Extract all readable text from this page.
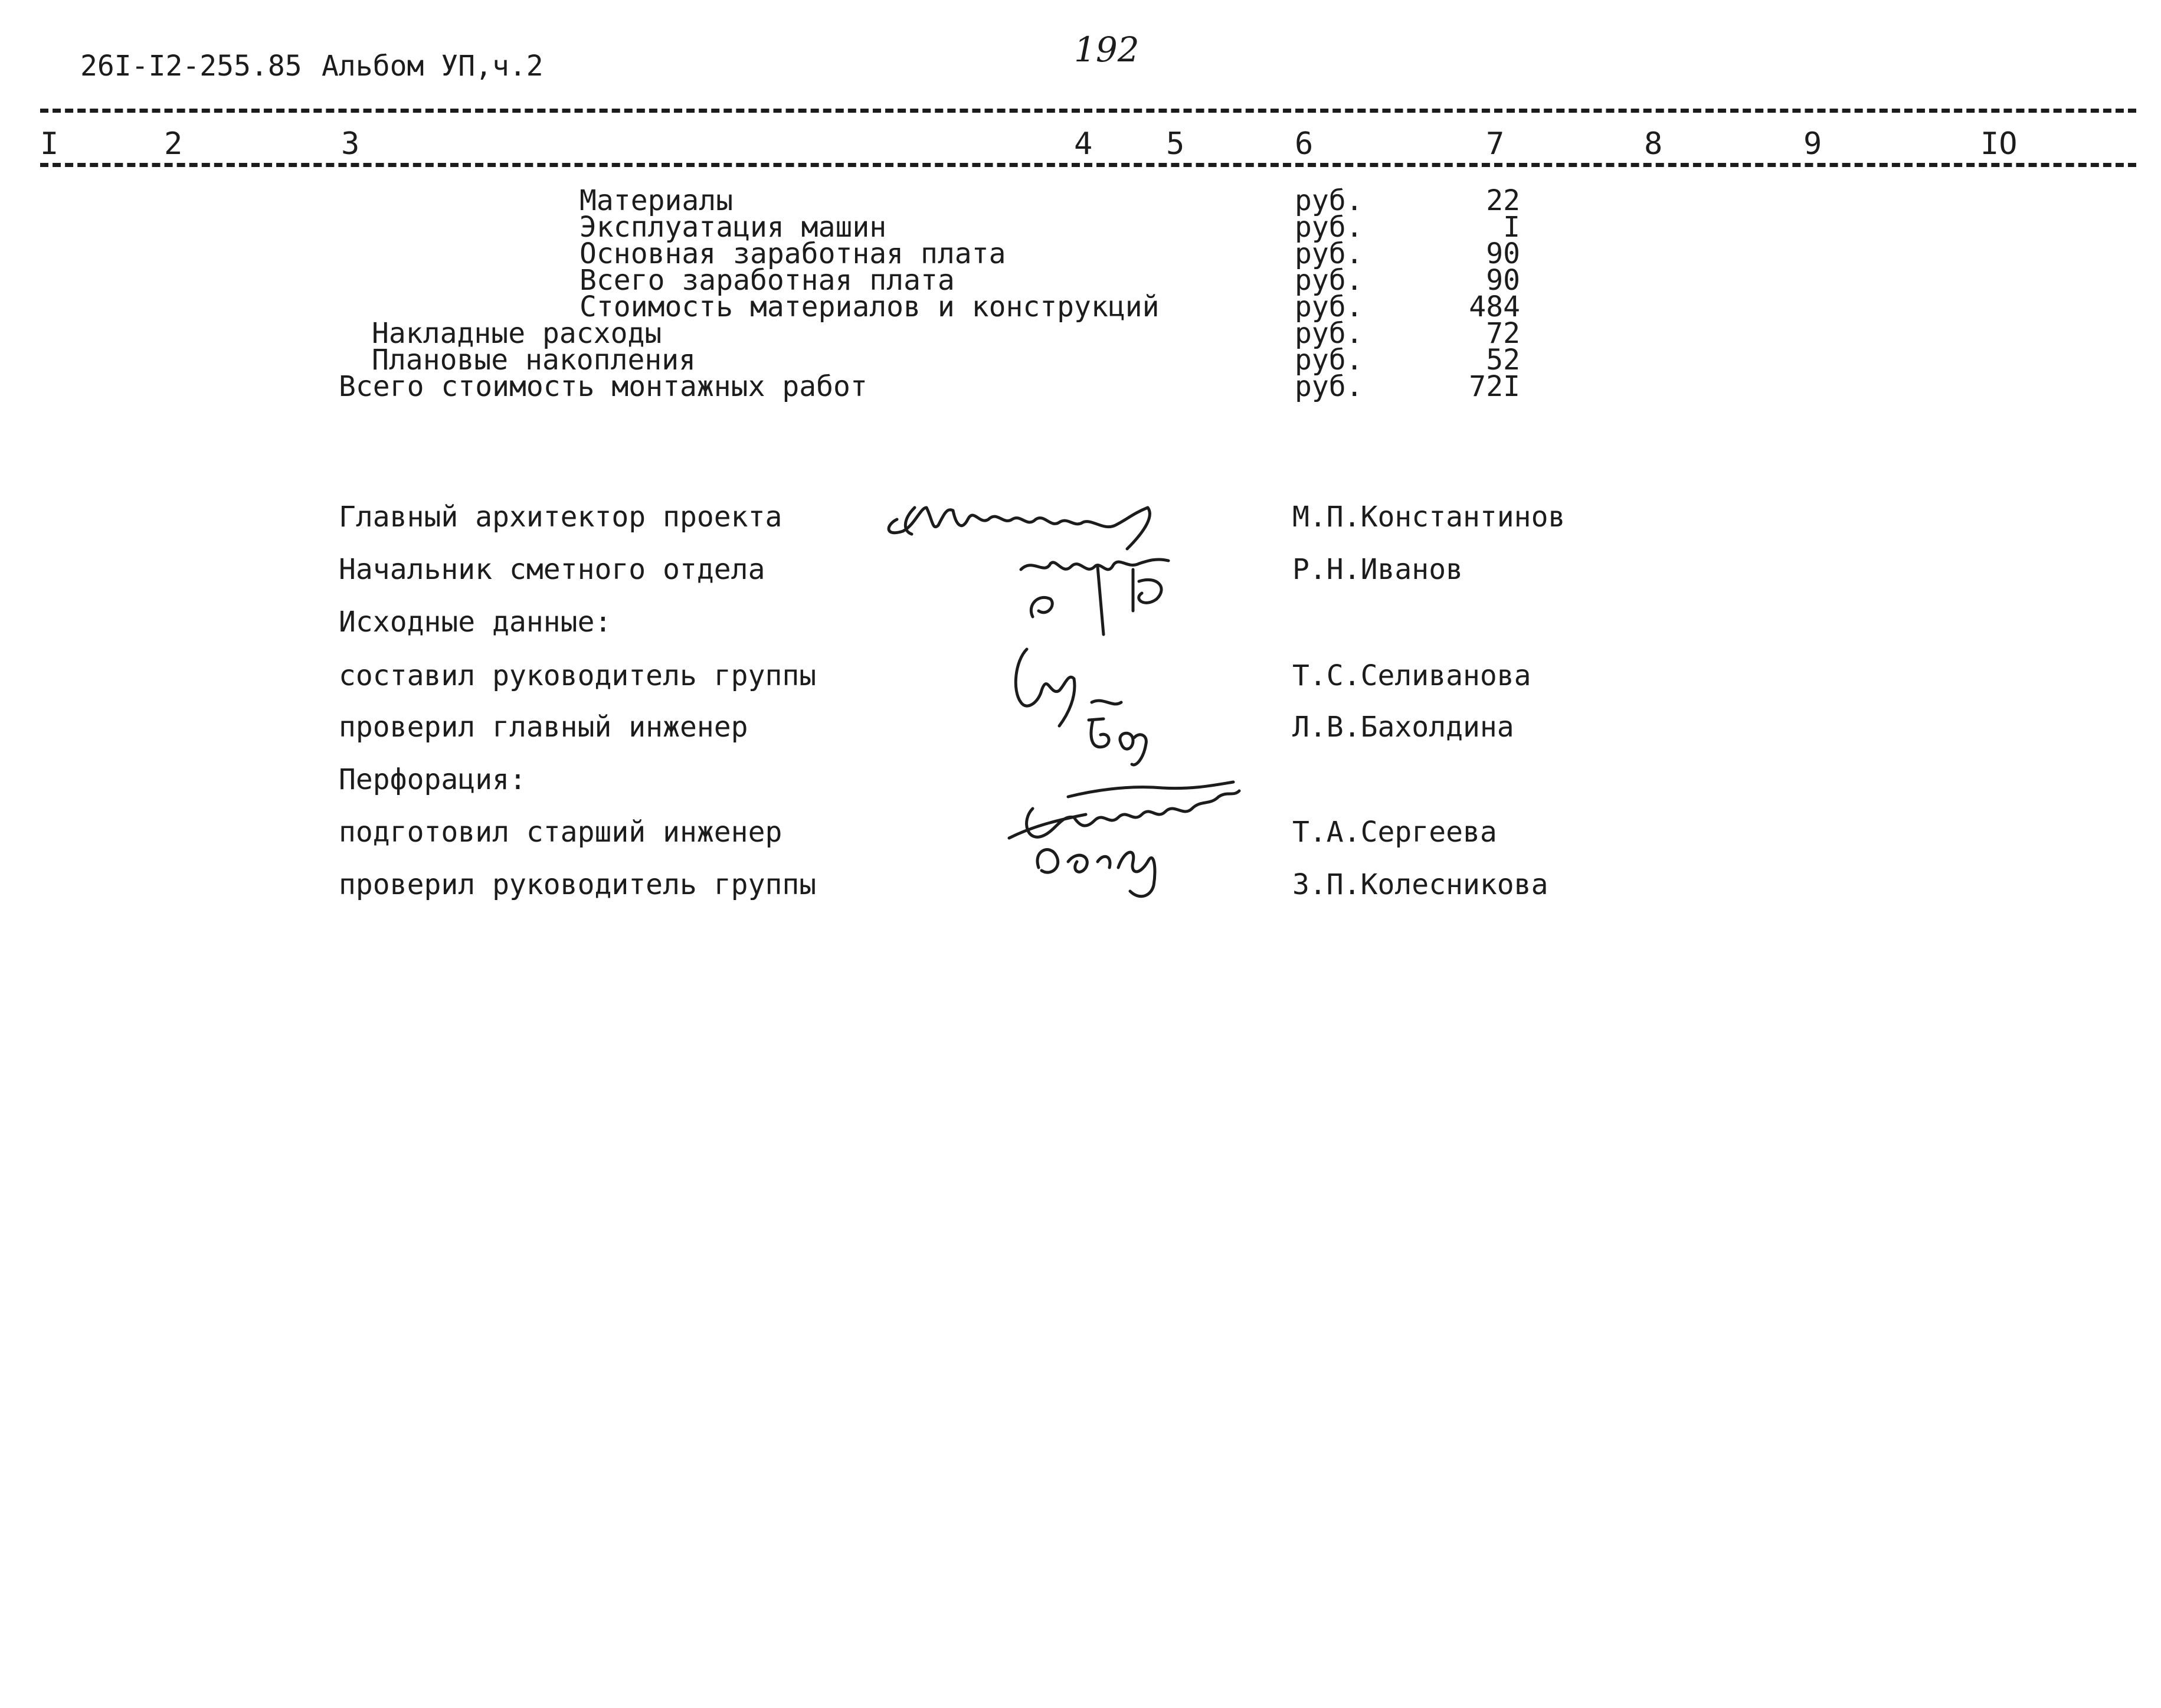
26I-I2-255.85 Альбом УП,ч.2	192
I	2	3	4 5	6	7	8	9	IO
Материалы	руб.	22
Эксплуатация машин	руб.	I
Основная заработная плата	руб.	90
Всего заработная плата	руб.	90
Стоимость материалов и конструкций	руб.	484
Накладные расходы	руб.	72
Плановые накопления	руб.	52
Всего стоимость монтажных работ	руб.	72I
Главный архитектор проекта	М.П.Константинов
Начальник сметного отдела	Р.Н.Иванов
Исходные данные:
составил руководитель группы	Т.С.Селиванова
проверил главный инженер	Л.В.Бахолдина
Перфорация:
подготовил старший инженер	Т.А.Сергеева
проверил руководитель группы	З.П.Колесникова
